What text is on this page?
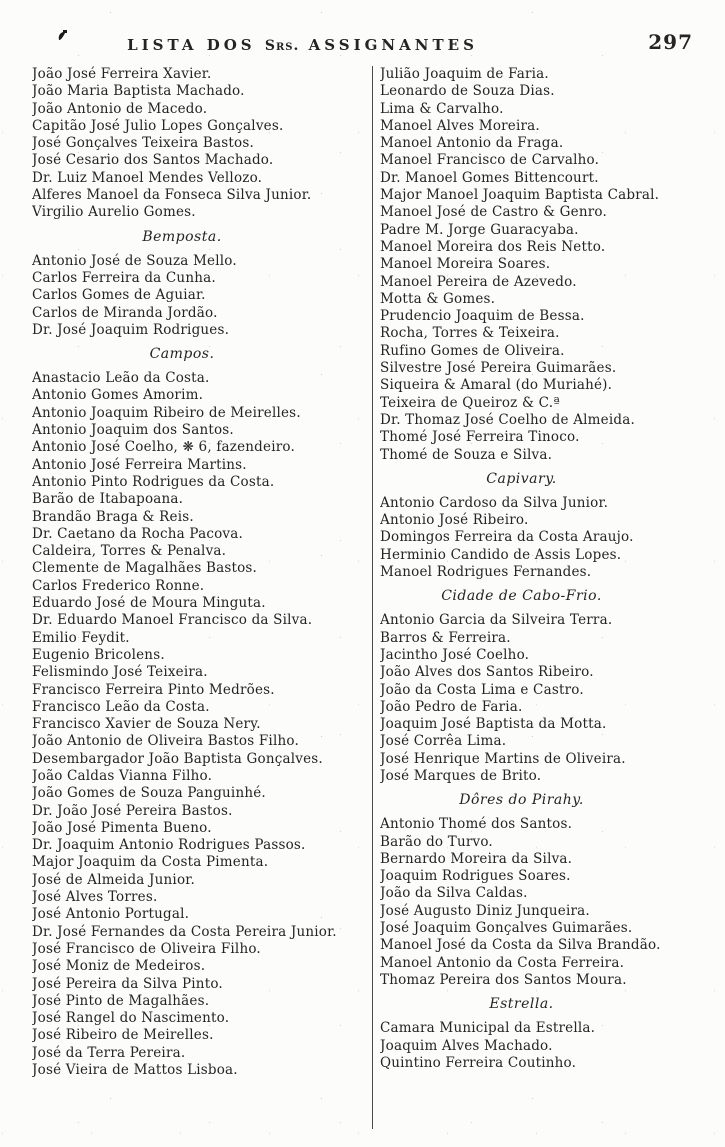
LISTA DOS Srs. ASSIGNANTES	297
João José Ferreira Xavier.
João Maria Baptista Machado.
João Antonio de Macedo.
Capitão José Julio Lopes Gonçalves.
José Gonçalves Teixeira Bastos.
José Cesario dos Santos Machado.
Dr. Luiz Manoel Mendes Vellozo.
Alferes Manoel da Fonseca Silva Junior.
Virgilio Aurelio Gomes.
Bemposta.
Antonio José de Souza Mello.
Carlos Ferreira da Cunha.
Carlos Gomes de Aguiar.
Carlos de Miranda Jordão.
Dr. José Joaquim Rodrigues.
Campos.
Anastacio Leão da Costa.
Antonio Gomes Amorim.
Antonio Joaquim Ribeiro de Meirelles.
Antonio Joaquim dos Santos.
Antonio José Coelho, ❋ 6, fazendeiro.
Antonio José Ferreira Martins.
Antonio Pinto Rodrigues da Costa.
Barão de Itabapoana.
Brandão Braga & Reis.
Dr. Caetano da Rocha Pacova.
Caldeira, Torres & Penalva.
Clemente de Magalhães Bastos.
Carlos Frederico Ronne.
Eduardo José de Moura Minguta.
Dr. Eduardo Manoel Francisco da Silva.
Emilio Feydit.
Eugenio Bricolens.
Felismindo José Teixeira.
Francisco Ferreira Pinto Medrões.
Francisco Leão da Costa.
Francisco Xavier de Souza Nery.
João Antonio de Oliveira Bastos Filho.
Desembargador João Baptista Gonçalves.
João Caldas Vianna Filho.
João Gomes de Souza Panguinhé.
Dr. João José Pereira Bastos.
João José Pimenta Bueno.
Dr. Joaquim Antonio Rodrigues Passos.
Major Joaquim da Costa Pimenta.
José de Almeida Junior.
José Alves Torres.
José Antonio Portugal.
Dr. José Fernandes da Costa Pereira Junior.
José Francisco de Oliveira Filho.
José Moniz de Medeiros.
José Pereira da Silva Pinto.
José Pinto de Magalhães.
José Rangel do Nascimento.
José Ribeiro de Meirelles.
José da Terra Pereira.
José Vieira de Mattos Lisboa.
Julião Joaquim de Faria.
Leonardo de Souza Dias.
Lima & Carvalho.
Manoel Alves Moreira.
Manoel Antonio da Fraga.
Manoel Francisco de Carvalho.
Dr. Manoel Gomes Bittencourt.
Major Manoel Joaquim Baptista Cabral.
Manoel José de Castro & Genro.
Padre M. Jorge Guaracyaba.
Manoel Moreira dos Reis Netto.
Manoel Moreira Soares.
Manoel Pereira de Azevedo.
Motta & Gomes.
Prudencio Joaquim de Bessa.
Rocha, Torres & Teixeira.
Rufino Gomes de Oliveira.
Silvestre José Pereira Guimarães.
Siqueira & Amaral (do Muriahé).
Teixeira de Queiroz & C.ª
Dr. Thomaz José Coelho de Almeida.
Thomé José Ferreira Tinoco.
Thomé de Souza e Silva.
Capivary.
Antonio Cardoso da Silva Junior.
Antonio José Ribeiro.
Domingos Ferreira da Costa Araujo.
Herminio Candido de Assis Lopes.
Manoel Rodrigues Fernandes.
Cidade de Cabo-Frio.
Antonio Garcia da Silveira Terra.
Barros & Ferreira.
Jacintho José Coelho.
João Alves dos Santos Ribeiro.
João da Costa Lima e Castro.
João Pedro de Faria.
Joaquim José Baptista da Motta.
José Corrêa Lima.
José Henrique Martins de Oliveira.
José Marques de Brito.
Dôres do Pirahy.
Antonio Thomé dos Santos.
Barão do Turvo.
Bernardo Moreira da Silva.
Joaquim Rodrigues Soares.
João da Silva Caldas.
José Augusto Diniz Junqueira.
José Joaquim Gonçalves Guimarães.
Manoel José da Costa da Silva Brandão.
Manoel Antonio da Costa Ferreira.
Thomaz Pereira dos Santos Moura.
Estrella.
Camara Municipal da Estrella.
Joaquim Alves Machado.
Quintino Ferreira Coutinho.
